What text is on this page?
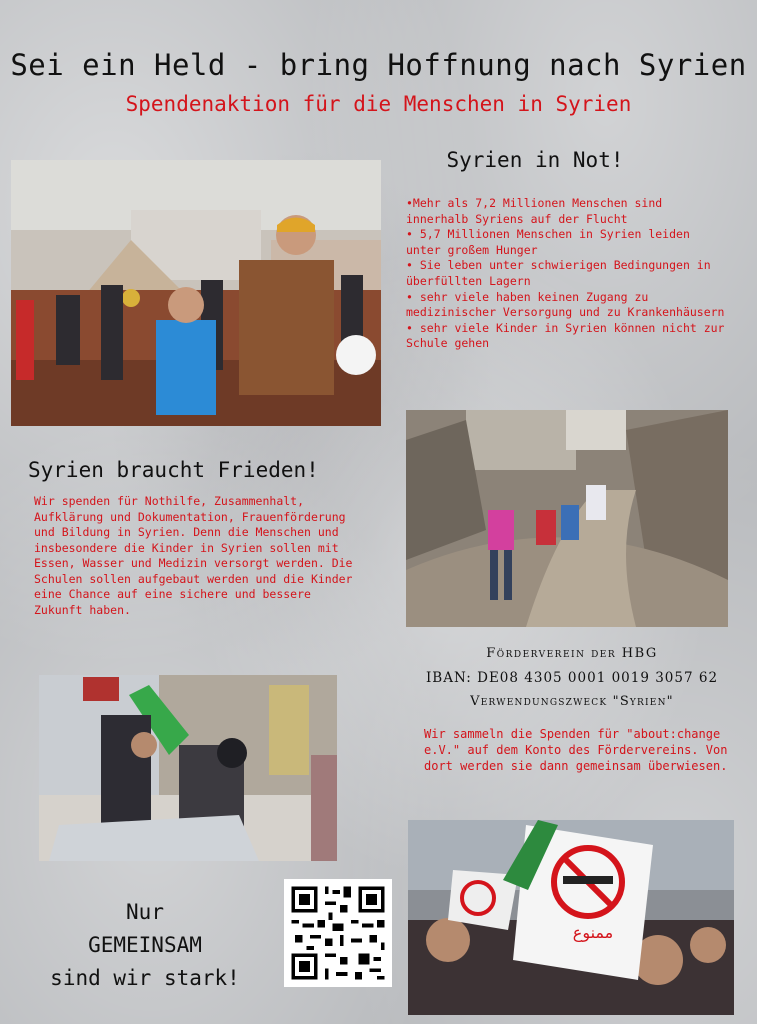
Sei ein Held - bring Hoffnung nach Syrien
Spendenaktion für die Menschen in Syrien
Syrien in Not!
•Mehr als 7,2 Millionen Menschen sind innerhalb Syriens auf der Flucht
• 5,7 Millionen Menschen in Syrien leiden unter großem Hunger
• Sie leben unter schwierigen Bedingungen in überfüllten Lagern
• sehr viele haben keinen Zugang zu medizinischer Versorgung und zu Krankenhäusern
• sehr viele Kinder in Syrien können nicht zur Schule gehen
Syrien braucht Frieden!
Wir spenden für Nothilfe, Zusammenhalt, Aufklärung und Dokumentation, Frauenförderung und Bildung in Syrien. Denn die Menschen und insbesondere die Kinder in Syrien sollen mit Essen, Wasser und Medizin versorgt werden. Die Schulen sollen aufgebaut werden und die Kinder eine Chance auf eine sichere und bessere Zukunft haben.
Förderverein der HBG
IBAN: DE08 4305 0001 0019 3057 62
Verwendungszweck "Syrien"
Wir sammeln die Spenden für "about:change e.V." auf dem Konto des Fördervereins. Von dort werden sie dann gemeinsam überwiesen.
ممنوع
Nur
GEMEINSAM
sind wir stark!
